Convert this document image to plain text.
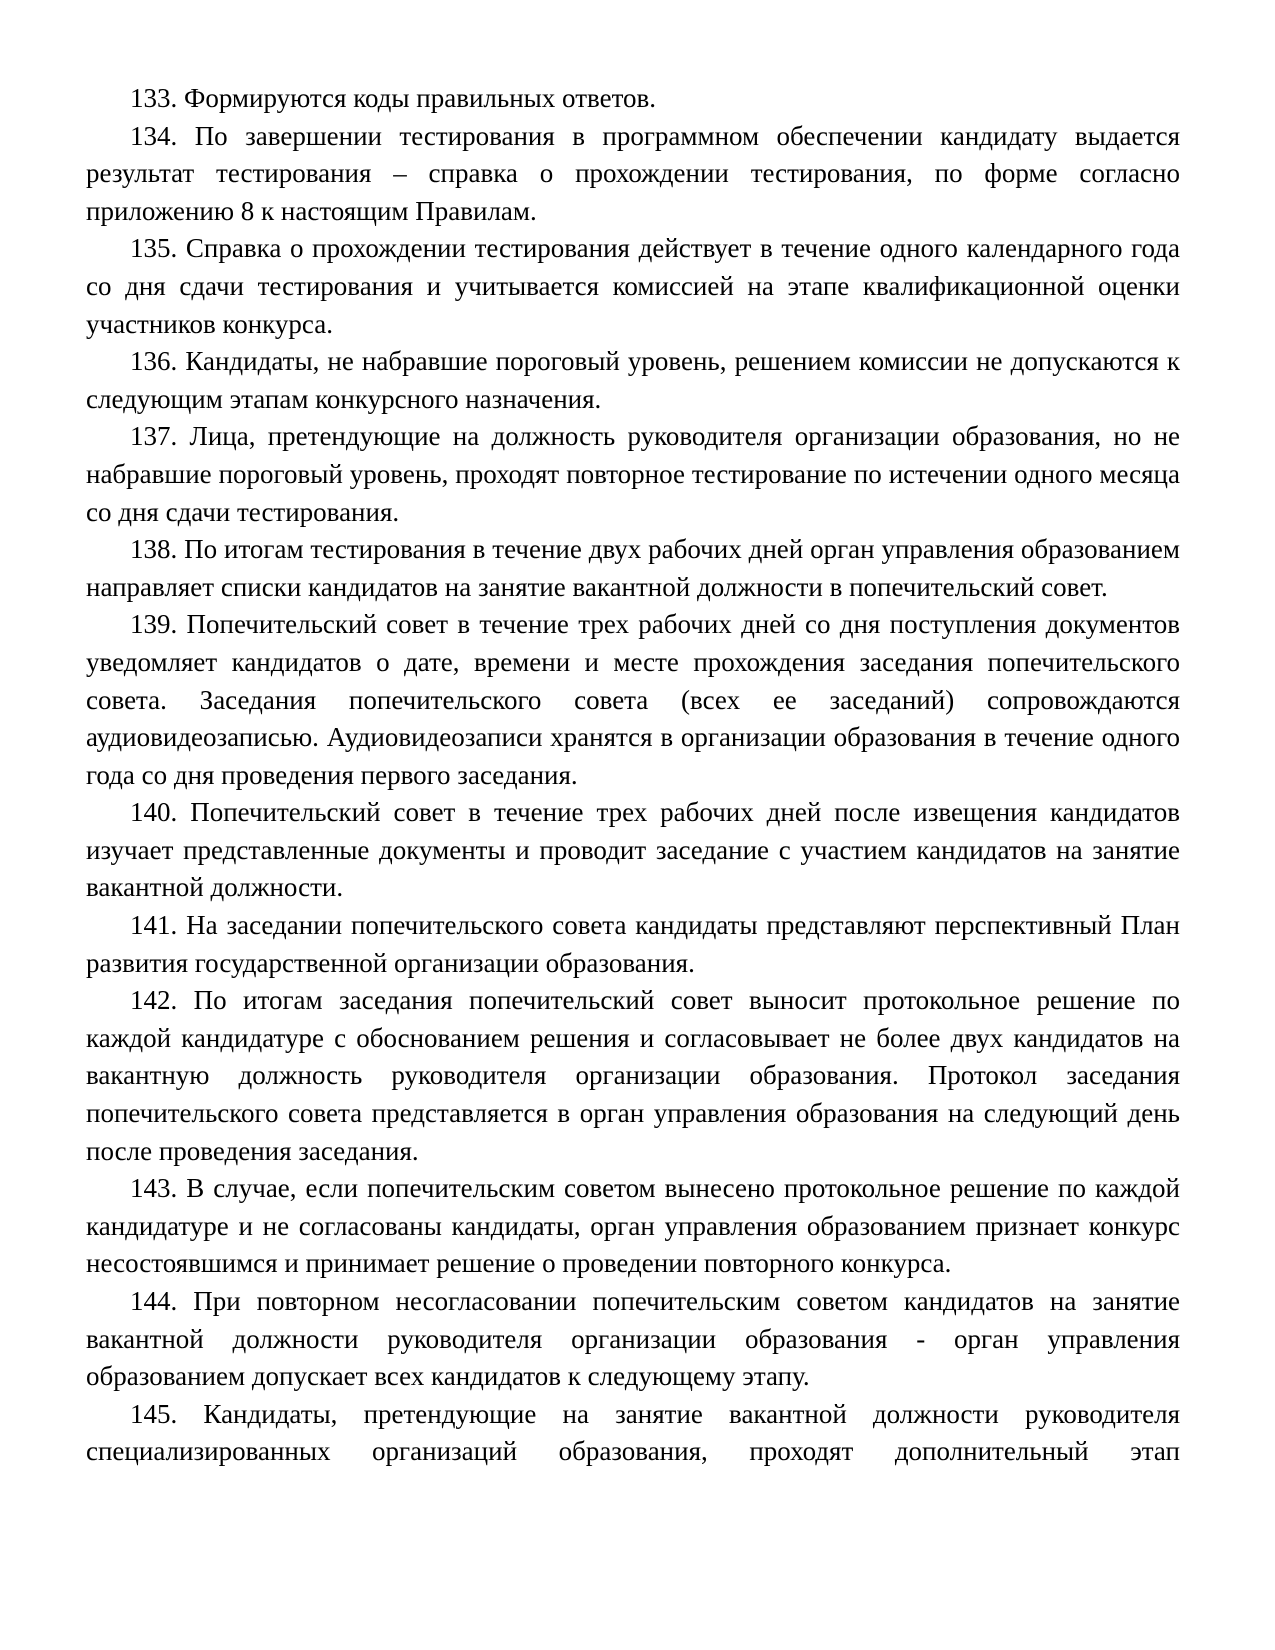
133. Формируются коды правильных ответов.

134. По завершении тестирования в программном обеспечении кандидату выдается результат тестирования – справка о прохождении тестирования, по форме согласно приложению 8 к настоящим Правилам.

135. Справка о прохождении тестирования действует в течение одного календарного года со дня сдачи тестирования и учитывается комиссией на этапе квалификационной оценки участников конкурса.

136. Кандидаты, не набравшие пороговый уровень, решением комиссии не допускаются к следующим этапам конкурсного назначения.

137. Лица, претендующие на должность руководителя организации образования, но не набравшие пороговый уровень, проходят повторное тестирование по истечении одного месяца со дня сдачи тестирования.

138. По итогам тестирования в течение двух рабочих дней орган управления образованием направляет списки кандидатов на занятие вакантной должности в попечительский совет.

139. Попечительский совет в течение трех рабочих дней со дня поступления документов уведомляет кандидатов о дате, времени и месте прохождения заседания попечительского совета. Заседания попечительского совета (всех ее заседаний) сопровождаются аудиовидеозаписью. Аудиовидеозаписи хранятся в организации образования в течение одного года со дня проведения первого заседания.

140. Попечительский совет в течение трех рабочих дней после извещения кандидатов изучает представленные документы и проводит заседание с участием кандидатов на занятие вакантной должности.

141. На заседании попечительского совета кандидаты представляют перспективный План развития государственной организации образования.

142. По итогам заседания попечительский совет выносит протокольное решение по каждой кандидатуре с обоснованием решения и согласовывает не более двух кандидатов на вакантную должность руководителя организации образования. Протокол заседания попечительского совета представляется в орган управления образования на следующий день после проведения заседания.

143. В случае, если попечительским советом вынесено протокольное решение по каждой кандидатуре и не согласованы кандидаты, орган управления образованием признает конкурс несостоявшимся и принимает решение о проведении повторного конкурса.

144. При повторном несогласовании попечительским советом кандидатов на занятие вакантной должности руководителя организации образования - орган управления образованием допускает всех кандидатов к следующему этапу.

145. Кандидаты, претендующие на занятие вакантной должности руководителя специализированных организаций образования, проходят дополнительный этап
